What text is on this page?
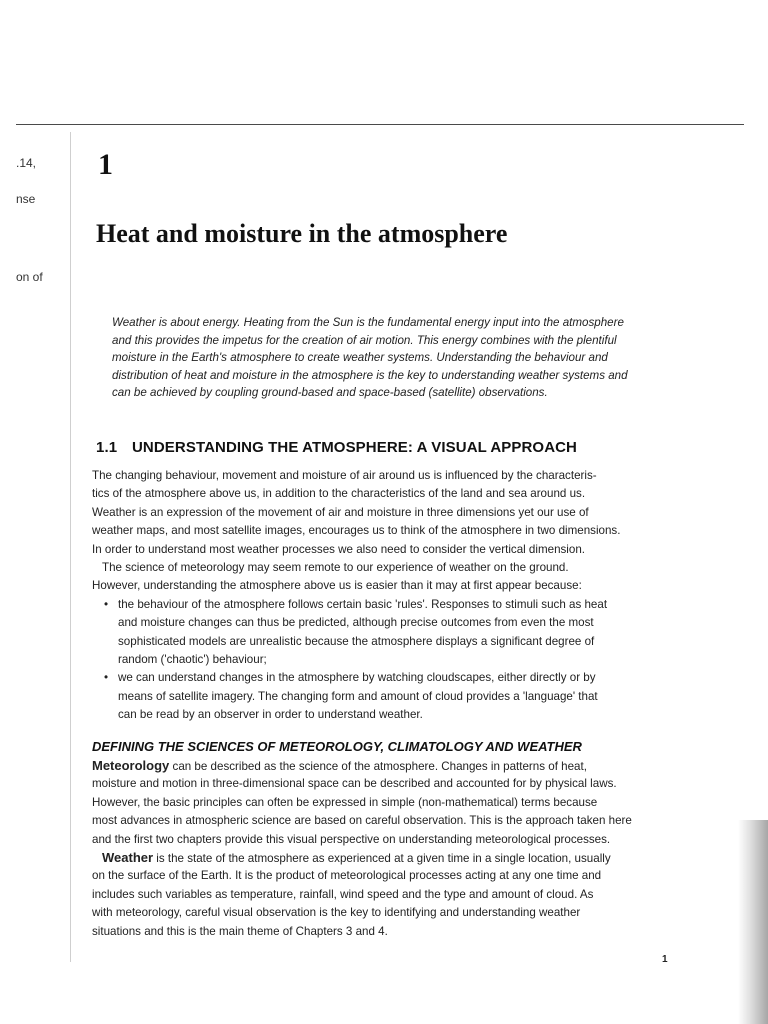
.14,
nse
on of
1
Heat and moisture in the atmosphere
Weather is about energy. Heating from the Sun is the fundamental energy input into the atmosphere
and this provides the impetus for the creation of air motion. This energy combines with the plentiful
moisture in the Earth's atmosphere to create weather systems. Understanding the behaviour and
distribution of heat and moisture in the atmosphere is the key to understanding weather systems and
can be achieved by coupling ground-based and space-based (satellite) observations.
1.1 UNDERSTANDING THE ATMOSPHERE: A VISUAL APPROACH
The changing behaviour, movement and moisture of air around us is influenced by the characteris-
tics of the atmosphere above us, in addition to the characteristics of the land and sea around us.
Weather is an expression of the movement of air and moisture in three dimensions yet our use of
weather maps, and most satellite images, encourages us to think of the atmosphere in two dimensions.
In order to understand most weather processes we also need to consider the vertical dimension.
The science of meteorology may seem remote to our experience of weather on the ground.
However, understanding the atmosphere above us is easier than it may at first appear because:
• the behaviour of the atmosphere follows certain basic 'rules'. Responses to stimuli such as heat
and moisture changes can thus be predicted, although precise outcomes from even the most
sophisticated models are unrealistic because the atmosphere displays a significant degree of
random ('chaotic') behaviour;
• we can understand changes in the atmosphere by watching cloudscapes, either directly or by
means of satellite imagery. The changing form and amount of cloud provides a 'language' that
can be read by an observer in order to understand weather.
DEFINING THE SCIENCES OF METEOROLOGY, CLIMATOLOGY AND WEATHER
Meteorology can be described as the science of the atmosphere. Changes in patterns of heat,
moisture and motion in three-dimensional space can be described and accounted for by physical laws.
However, the basic principles can often be expressed in simple (non-mathematical) terms because
most advances in atmospheric science are based on careful observation. This is the approach taken here
and the first two chapters provide this visual perspective on understanding meteorological processes.
Weather is the state of the atmosphere as experienced at a given time in a single location, usually
on the surface of the Earth. It is the product of meteorological processes acting at any one time and
includes such variables as temperature, rainfall, wind speed and the type and amount of cloud. As
with meteorology, careful visual observation is the key to identifying and understanding weather
situations and this is the main theme of Chapters 3 and 4.
1
